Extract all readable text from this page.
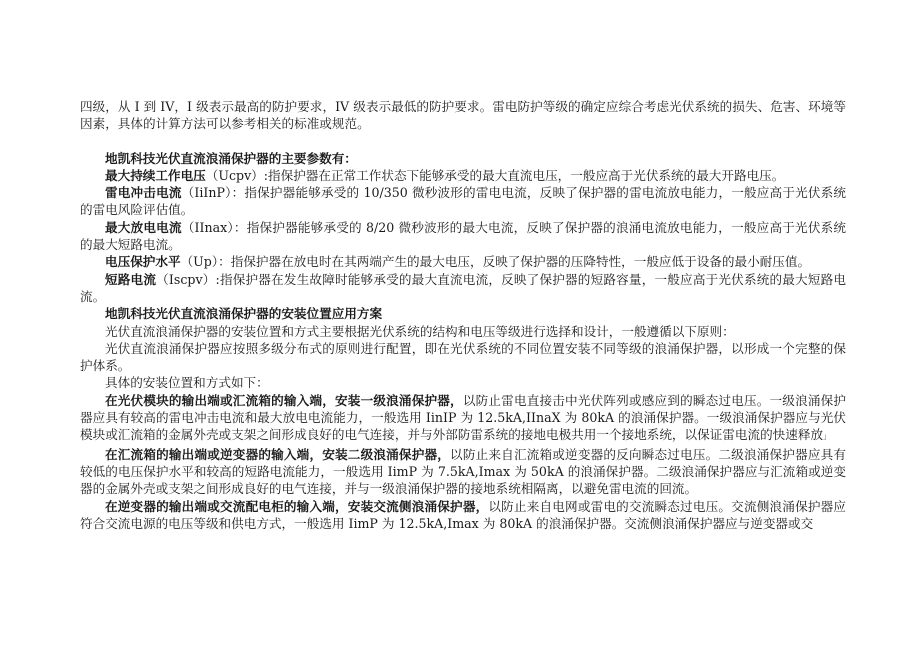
四级，从 I 到 IV，I 级表示最高的防护要求，IV 级表示最低的防护要求。雷电防护等级的确定应综合考虑光伏系统的损失、危害、环境等因素，具体的计算方法可以参考相关的标准或规范。

地凯科技光伏直流浪涌保护器的主要参数有：

最大持续工作电压（Ucpv）:指保护器在正常工作状态下能够承受的最大直流电压，一般应高于光伏系统的最大开路电压。

雷电冲击电流（IiInP）：指保护器能够承受的 10/350 微秒波形的雷电电流，反映了保护器的雷电流放电能力，一般应高于光伏系统的雷电风险评估值。

最大放电电流（IInax）：指保护器能够承受的 8/20 微秒波形的最大电流，反映了保护器的浪涌电流放电能力，一般应高于光伏系统的最大短路电流。

电压保护水平（Up）：指保护器在放电时在其两端产生的最大电压，反映了保护器的压降特性，一般应低于设备的最小耐压值。

短路电流（Iscpv）:指保护器在发生故障时能够承受的最大直流电流，反映了保护器的短路容量，一般应高于光伏系统的最大短路电流。

地凯科技光伏直流浪涌保护器的安装位置应用方案

光伏直流浪涌保护器的安装位置和方式主要根据光伏系统的结构和电压等级进行选择和设计，一般遵循以下原则：

光伏直流浪涌保护器应按照多级分布式的原则进行配置，即在光伏系统的不同位置安装不同等级的浪涌保护器，以形成一个完整的保护体系。

具体的安装位置和方式如下：

在光伏模块的输出端或汇流箱的输入端，安装一级浪涌保护器，以防止雷电直接击中光伏阵列或感应到的瞬态过电压。一级浪涌保护器应具有较高的雷电冲击电流和最大放电电流能力，一般选用 IinIP 为 12.5kA,IInaX 为 80kA 的浪涌保护器。一级浪涌保护器应与光伏模块或汇流箱的金属外壳或支架之间形成良好的电气连接，并与外部防雷系统的接地电极共用一个接地系统，以保证雷电流的快速释放」

在汇流箱的输出端或逆变器的输入端，安装二级浪涌保护器，以防止来自汇流箱或逆变器的反向瞬态过电压。二级浪涌保护器应具有较低的电压保护水平和较高的短路电流能力，一般选用 IimP 为 7.5kA,Imax 为 50kA 的浪涌保护器。二级浪涌保护器应与汇流箱或逆变器的金属外壳或支架之间形成良好的电气连接，并与一级浪涌保护器的接地系统相隔离，以避免雷电流的回流。

在逆变器的输出端或交流配电柜的输入端，安装交流侧浪涌保护器，以防止来自电网或雷电的交流瞬态过电压。交流侧浪涌保护器应符合交流电源的电压等级和供电方式，一般选用 IimP 为 12.5kA,Imax 为 80kA 的浪涌保护器。交流侧浪涌保护器应与逆变器或交
